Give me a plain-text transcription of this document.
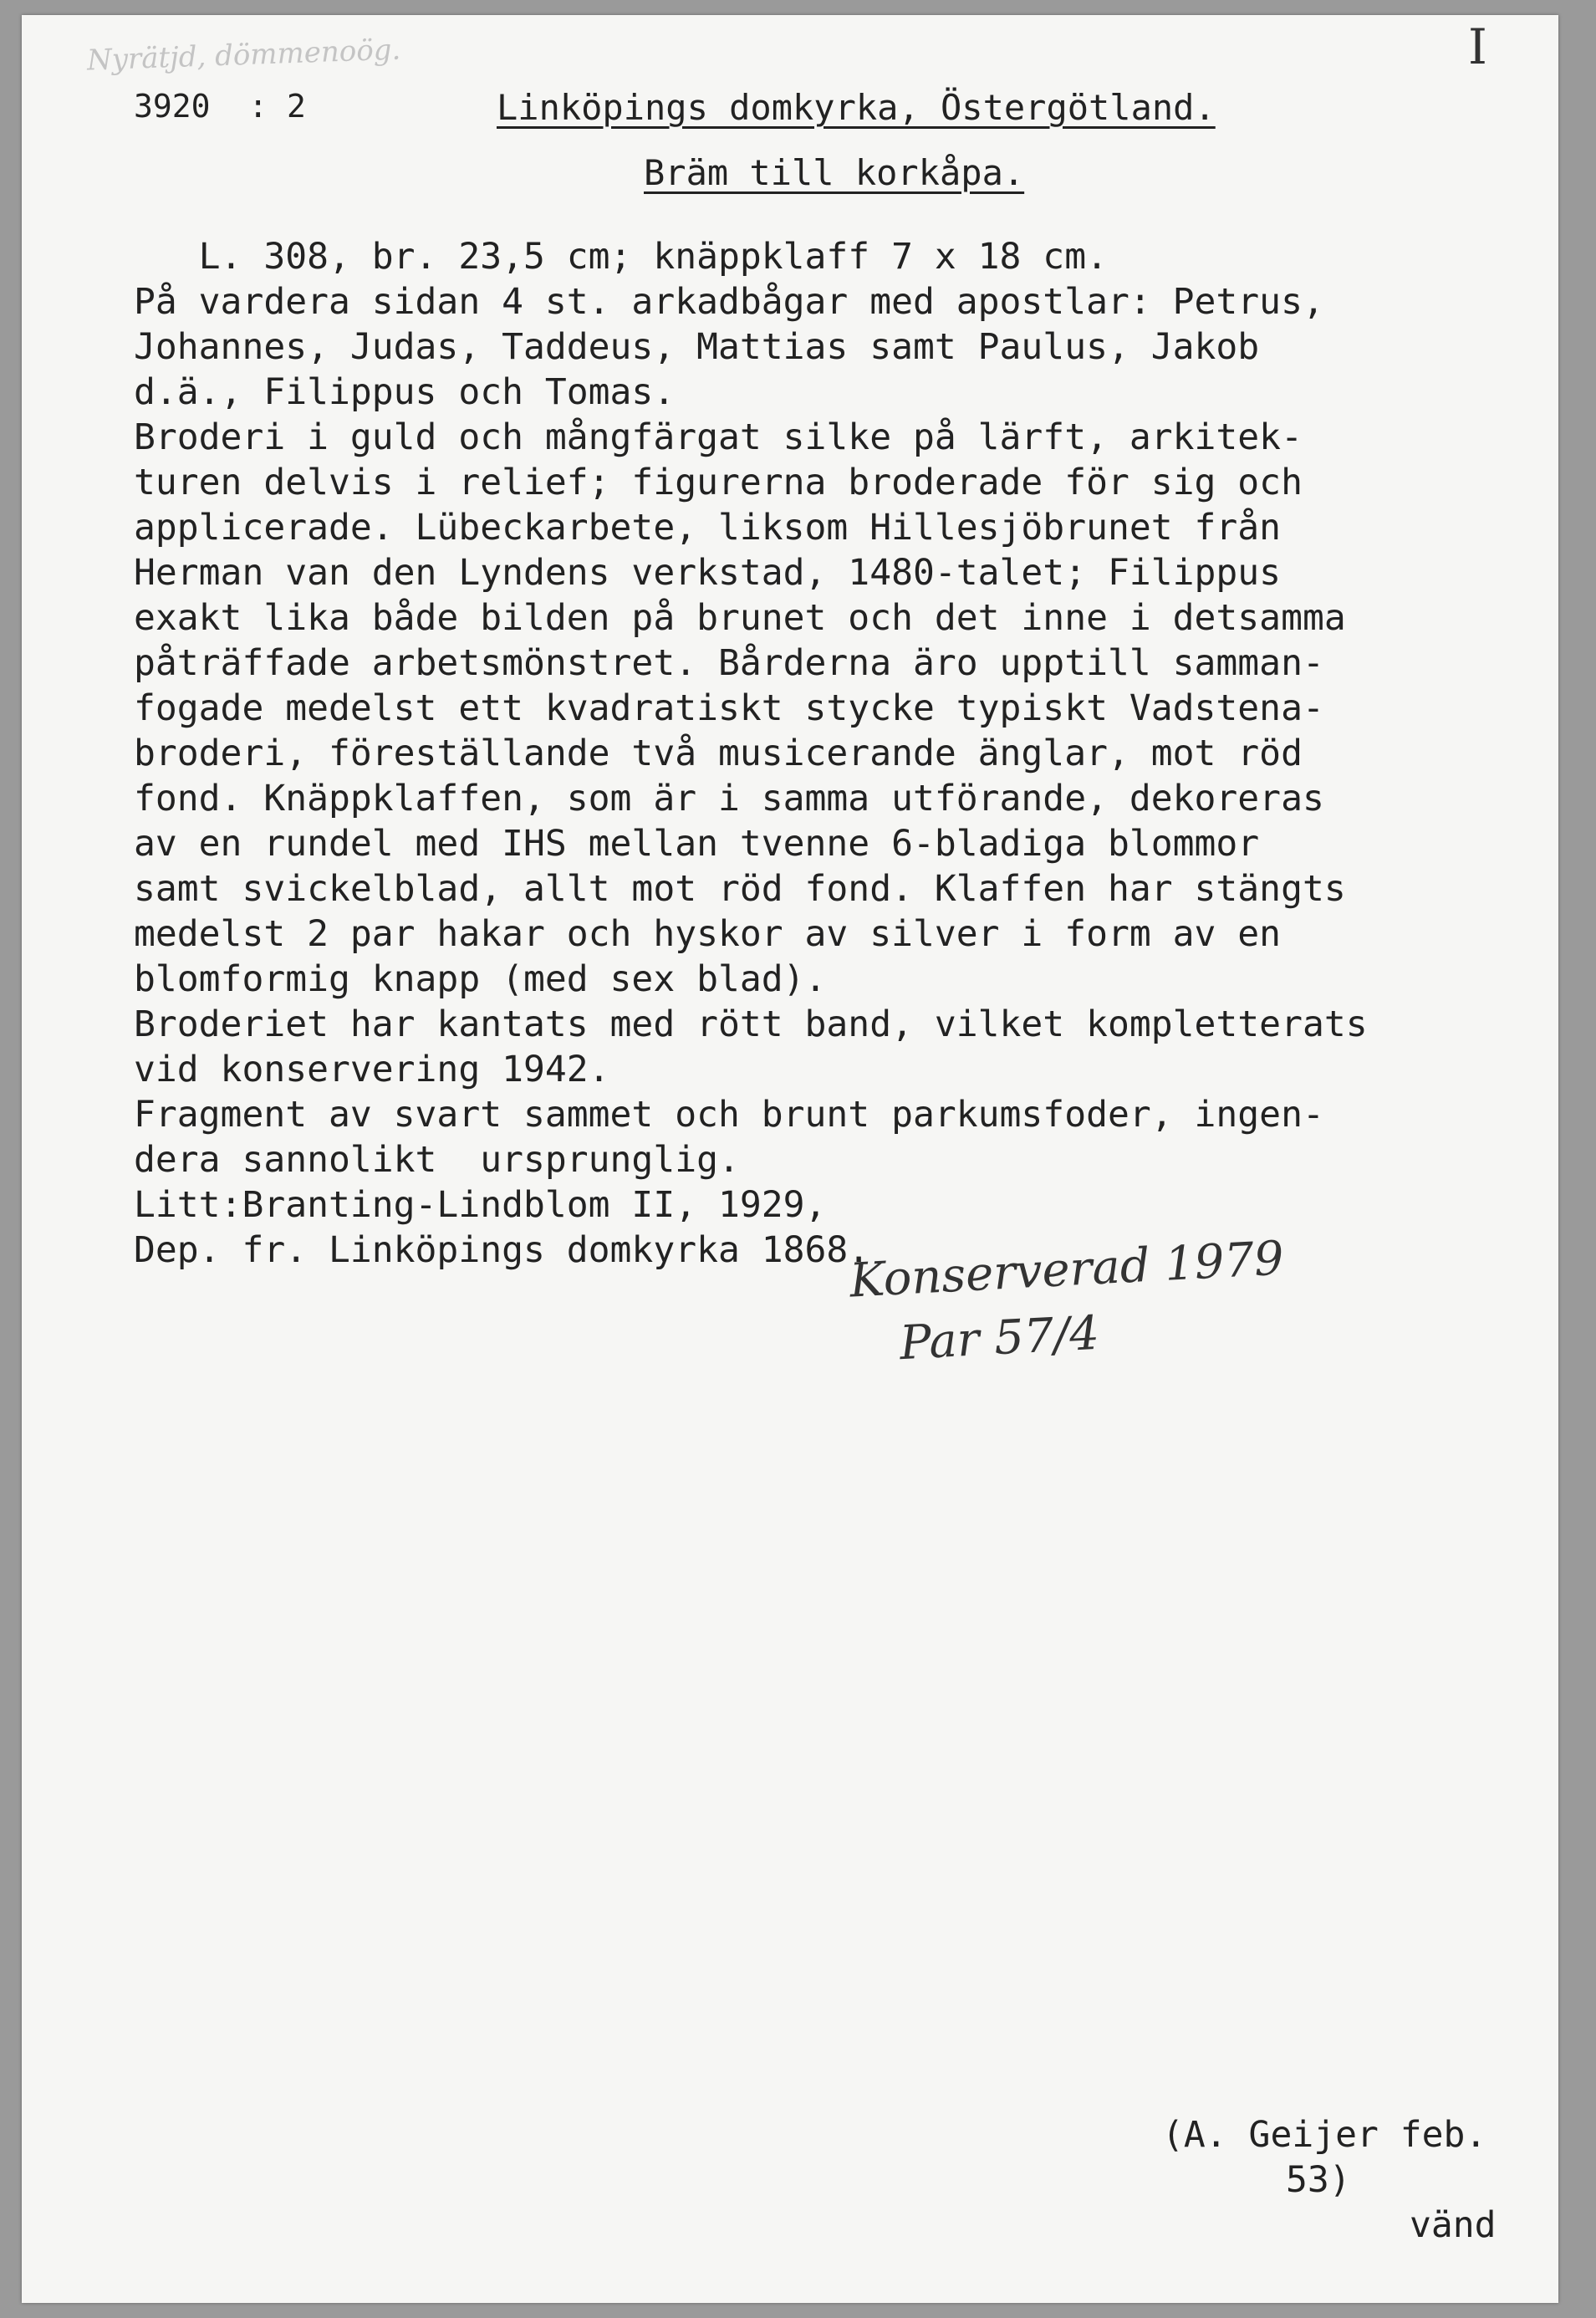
Nyrätjd, dömmenoög.	I
3920  : 2	Linköpings domkyrka, Östergötland.
Bräm till korkåpa.
L. 308, br. 23,5 cm; knäppklaff 7 x 18 cm.
På vardera sidan 4 st. arkadbågar med apostlar: Petrus,
Johannes, Judas, Taddeus, Mattias samt Paulus, Jakob
d.ä., Filippus och Tomas.
Broderi i guld och mångfärgat silke på lärft, arkitek-
turen delvis i relief; figurerna broderade för sig och
applicerade. Lübeckarbete, liksom Hillesjöbrunet från
Herman van den Lyndens verkstad, 1480-talet; Filippus
exakt lika både bilden på brunet och det inne i detsamma
påträffade arbetsmönstret. Bårderna äro upptill samman-
fogade medelst ett kvadratiskt stycke typiskt Vadstena-
broderi, föreställande två musicerande änglar, mot röd
fond. Knäppklaffen, som är i samma utförande, dekoreras
av en rundel med IHS mellan tvenne 6-bladiga blommor
samt svickelblad, allt mot röd fond. Klaffen har stängts
medelst 2 par hakar och hyskor av silver i form av en
blomformig knapp (med sex blad).
Broderiet har kantats med rött band, vilket kompletterats
vid konservering 1942.
Fragment av svart sammet och brunt parkumsfoder, ingen-
dera sannolikt  ursprunglig.
Litt:Branting-Lindblom II, 1929,
Dep. fr. Linköpings domkyrka 1868.
Konserverad 1979
Par 57/4
(A. Geijer feb.
53)
vänd
